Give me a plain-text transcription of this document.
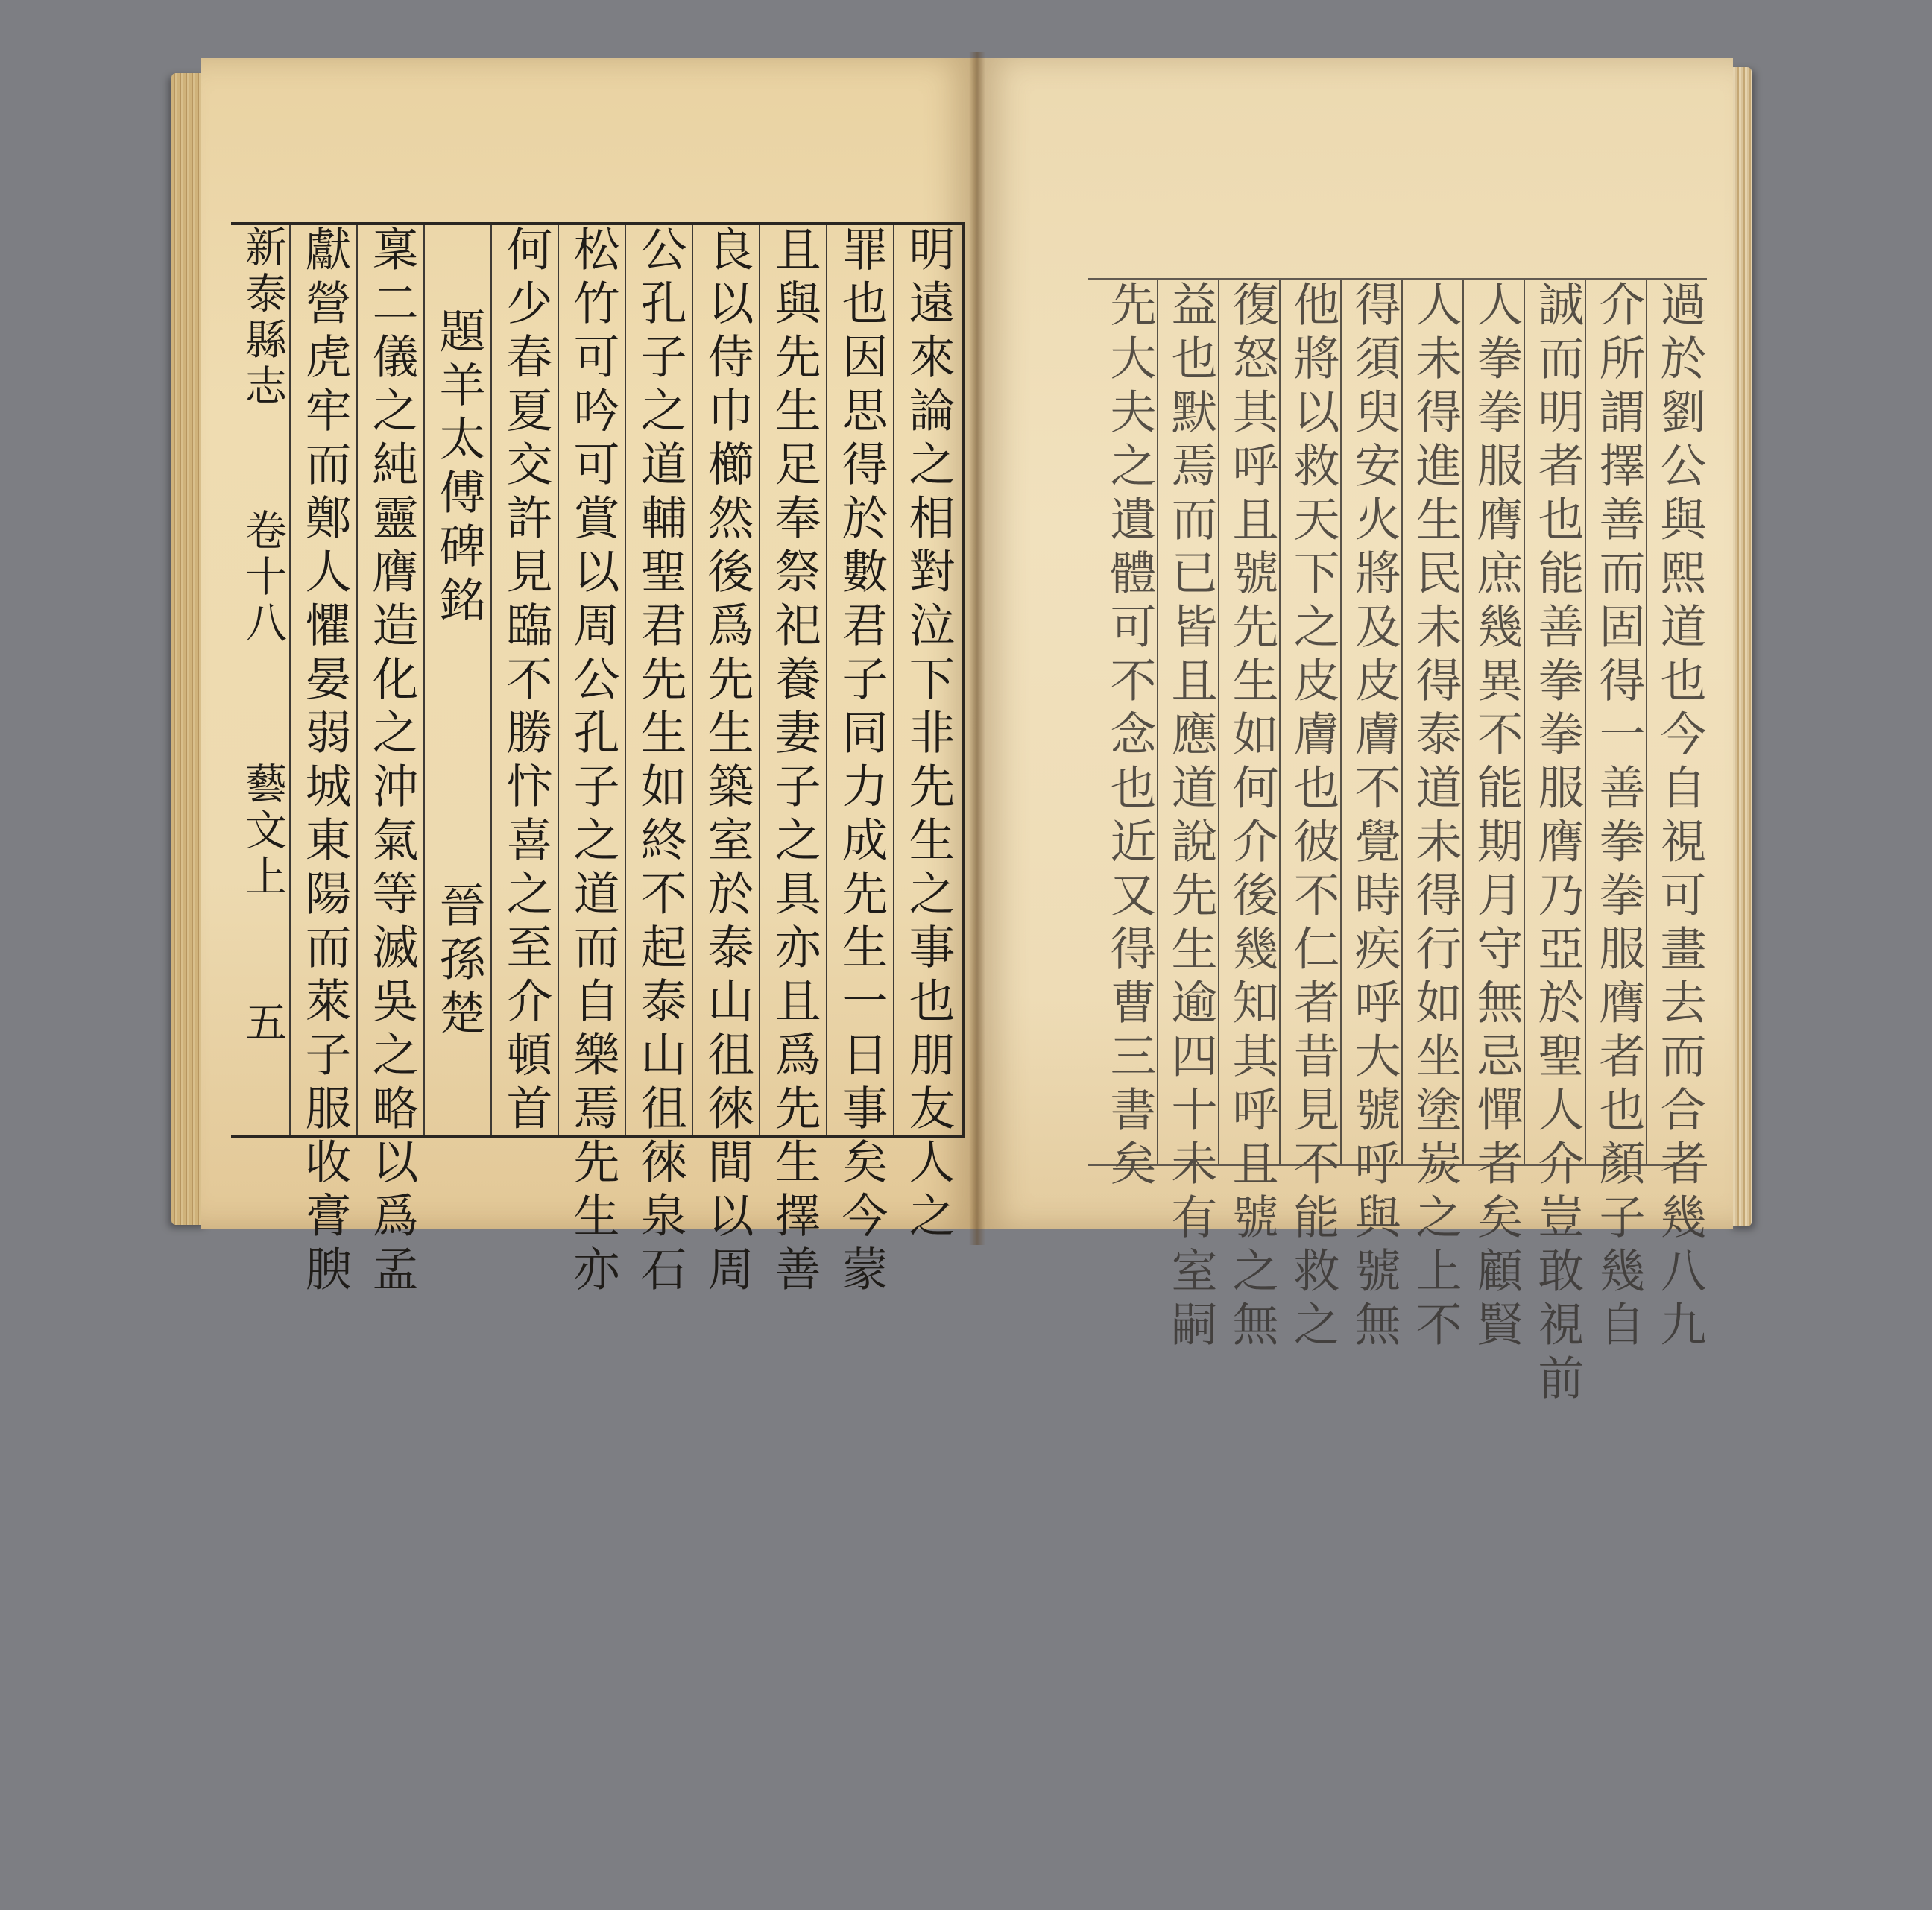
明遠來論之相對泣下非先生之事也朋友人之
罪也因思得於數君子同力成先生一日事矣今蒙
且與先生足奉祭祀養妻子之具亦且爲先生擇善
良以侍巾櫛然後爲先生築室於泰山徂徠間以周
公孔子之道輔聖君先生如終不起泰山徂徠泉石
松竹可吟可賞以周公孔子之道而自樂焉先生亦
何少春夏交許見臨不勝忭喜之至介頓首
題羊太傅碑銘
晉孫楚
稟二儀之純靈膺造化之沖氣等滅吳之略以爲孟
獻營虎牢而鄭人懼晏弱城東陽而萊子服收膏腴
新泰縣志
卷十八
藝文上
五	過於劉公與熙道也今自視可畫去而合者幾八九
介所謂擇善而固得一善拳拳服膺者也顏子幾自
誠而明者也能善拳拳服膺乃亞於聖人介豈敢視前
人拳拳服膺庶幾異不能期月守無忌憚者矣顧賢
人未得進生民未得泰道未得行如坐塗炭之上不
得須臾安火將及皮膚不覺時疾呼大號呼與號無
他將以救天下之皮膚也彼不仁者昔見不能救之
復怒其呼且號先生如何介後幾知其呼且號之無
益也默焉而已皆且應道說先生逾四十未有室嗣
先大夫之遺體可不念也近又得曹三書矣
